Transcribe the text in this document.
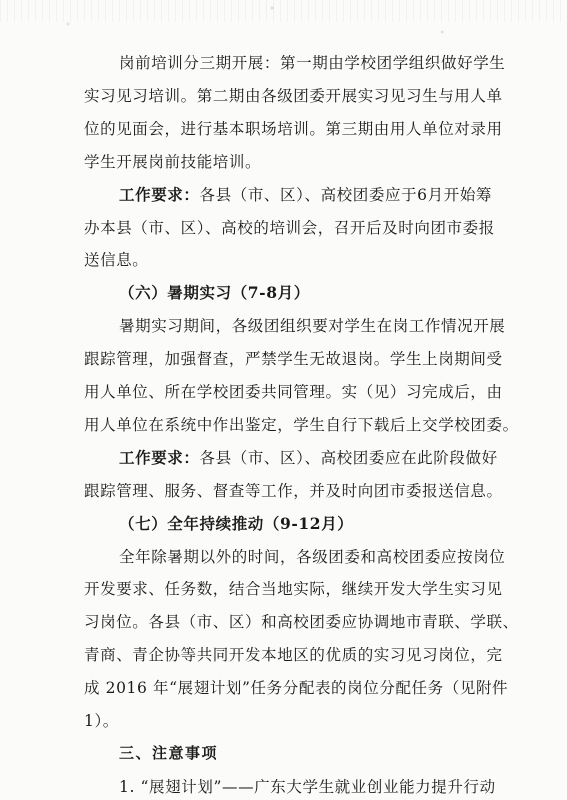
岗前培训分三期开展：第一期由学校团学组织做好学生
实习见习培训。第二期由各级团委开展实习见习生与用人单
位的见面会，进行基本职场培训。第三期由用人单位对录用
学生开展岗前技能培训。
工作要求：各县（市、区）、高校团委应于6月开始筹
办本县（市、区）、高校的培训会，召开后及时向团市委报
送信息。
（六）暑期实习（7-8月）
暑期实习期间，各级团组织要对学生在岗工作情况开展
跟踪管理，加强督查，严禁学生无故退岗。学生上岗期间受
用人单位、所在学校团委共同管理。实（见）习完成后，由
用人单位在系统中作出鉴定，学生自行下载后上交学校团委。
工作要求：各县（市、区）、高校团委应在此阶段做好
跟踪管理、服务、督查等工作，并及时向团市委报送信息。
（七）全年持续推动（9-12月）
全年除暑期以外的时间，各级团委和高校团委应按岗位
开发要求、任务数，结合当地实际，继续开发大学生实习见
习岗位。各县（市、区）和高校团委应协调地市青联、学联、
青商、青企协等共同开发本地区的优质的实习见习岗位，完
成 2016 年“展翅计划”任务分配表的岗位分配任务（见附件
1）。
三、注意事项
1. “展翅计划”——广东大学生就业创业能力提升行动
